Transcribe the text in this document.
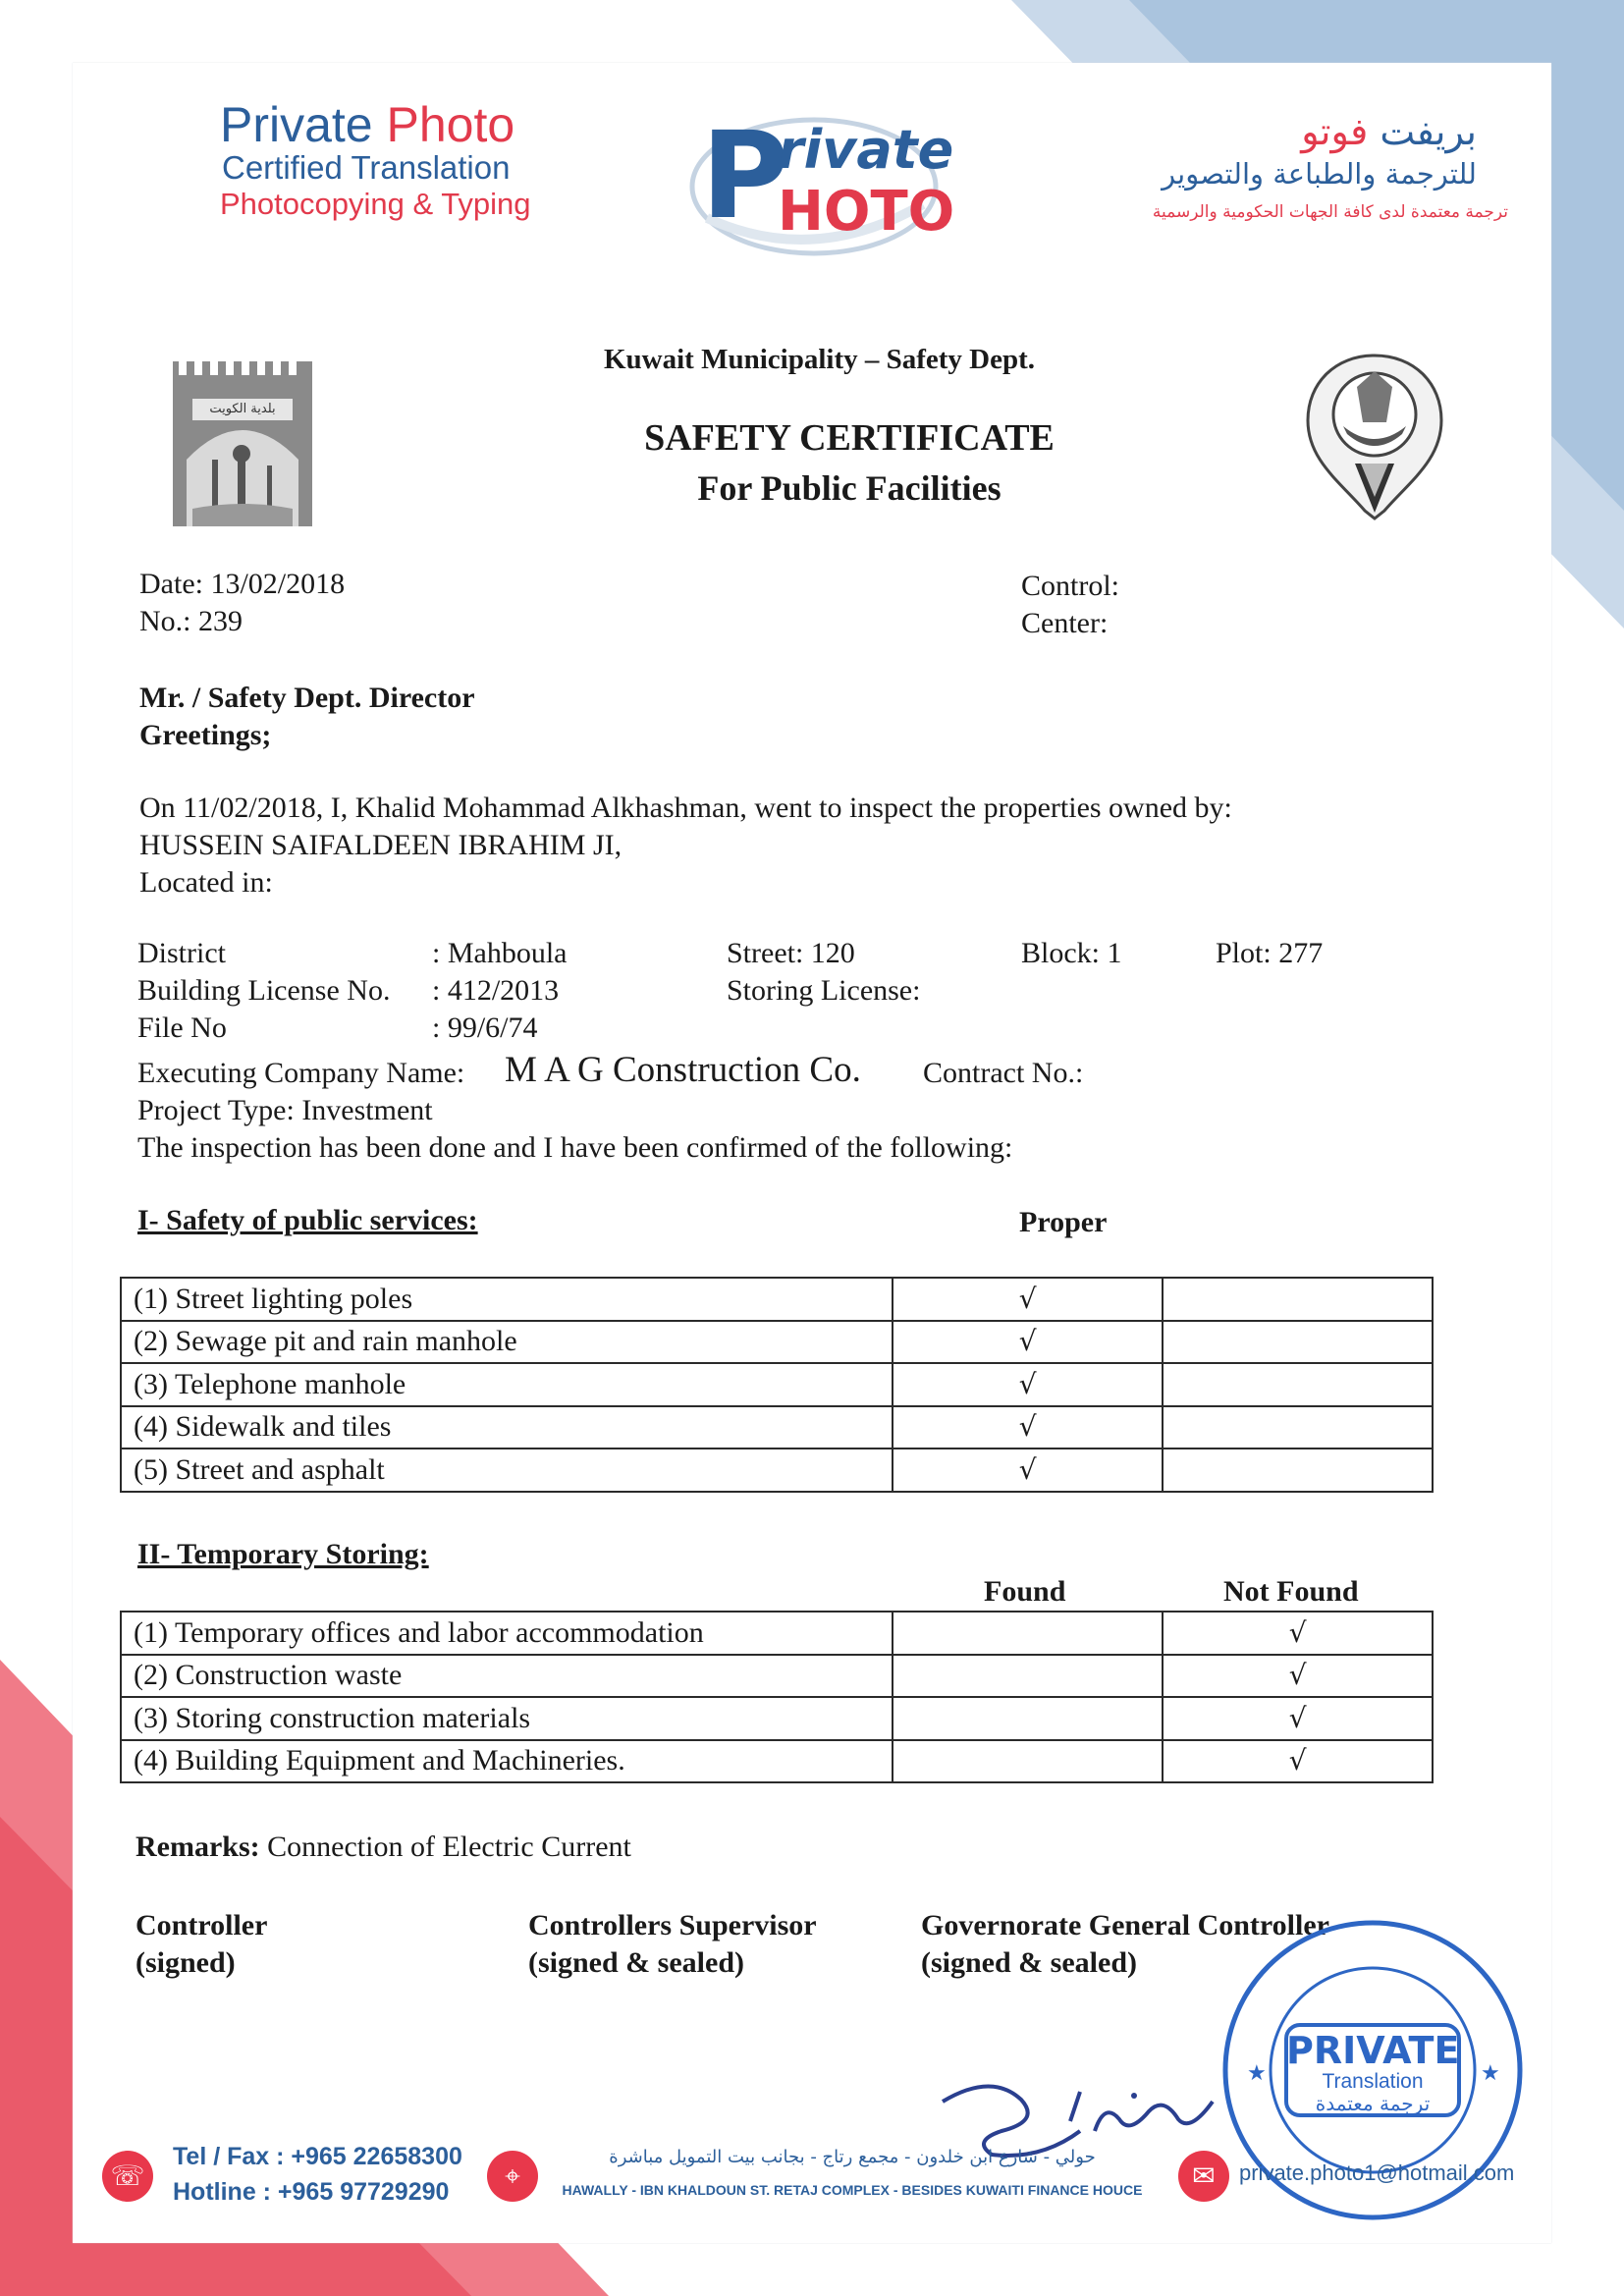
Private Photo
Certified Translation
Photocopying & Typing P
rivate
HOTO
بريفت فوتو
للترجمة والطباعة والتصوير
ترجمة معتمدة لدى كافة الجهات الحكومية والرسمية
بلدية الكويت
Kuwait Municipality – Safety Dept.
SAFETY CERTIFICATE
For Public Facilities
Date: 13/02/2018
No.: 239
Control:
Center:
Mr. / Safety Dept. Director
Greetings;
On 11/02/2018, I, Khalid Mohammad Alkhashman, went to inspect the properties owned by:
HUSSEIN SAIFALDEEN IBRAHIM JI,
Located in:
District	: Mahboula	Street: 120	Block: 1	Plot: 277
Building License No. : 412/2013	Storing License:
File No	: 99/6/74
Executing Company Name: M A G Construction Co. Contract No.:
Project Type: Investment
The inspection has been done and I have been confirmed of the following:
I- Safety of public services:	Proper
(1) Street lighting poles	√	
(2) Sewage pit and rain manhole	√	
(3) Telephone manhole	√	
(4) Sidewalk and tiles	√	
(5) Street and asphalt	√	
II- Temporary Storing:
Found	Not Found
(1) Temporary offices and labor accommodation		√
(2) Construction waste		√
(3) Storing construction materials		√
(4) Building Equipment and Machineries.		√
Remarks: Connection of Electric Current
Controller
(signed)
Controllers Supervisor
(signed & sealed)
Governorate General Controller
(signed & sealed)
★	★
PRIVATE
Translation
ترجمة معتمدة
☏
Tel / Fax : +965 22658300
Hotline : +965 97729290	⌖
حولي - شارع ابن خلدون - مجمع رتاج - بجانب بيت التمويل مباشرة
HAWALLY - IBN KHALDOUN ST. RETAJ COMPLEX - BESIDES KUWAITI FINANCE HOUCE	✉	private.photo1@hotmail.com
